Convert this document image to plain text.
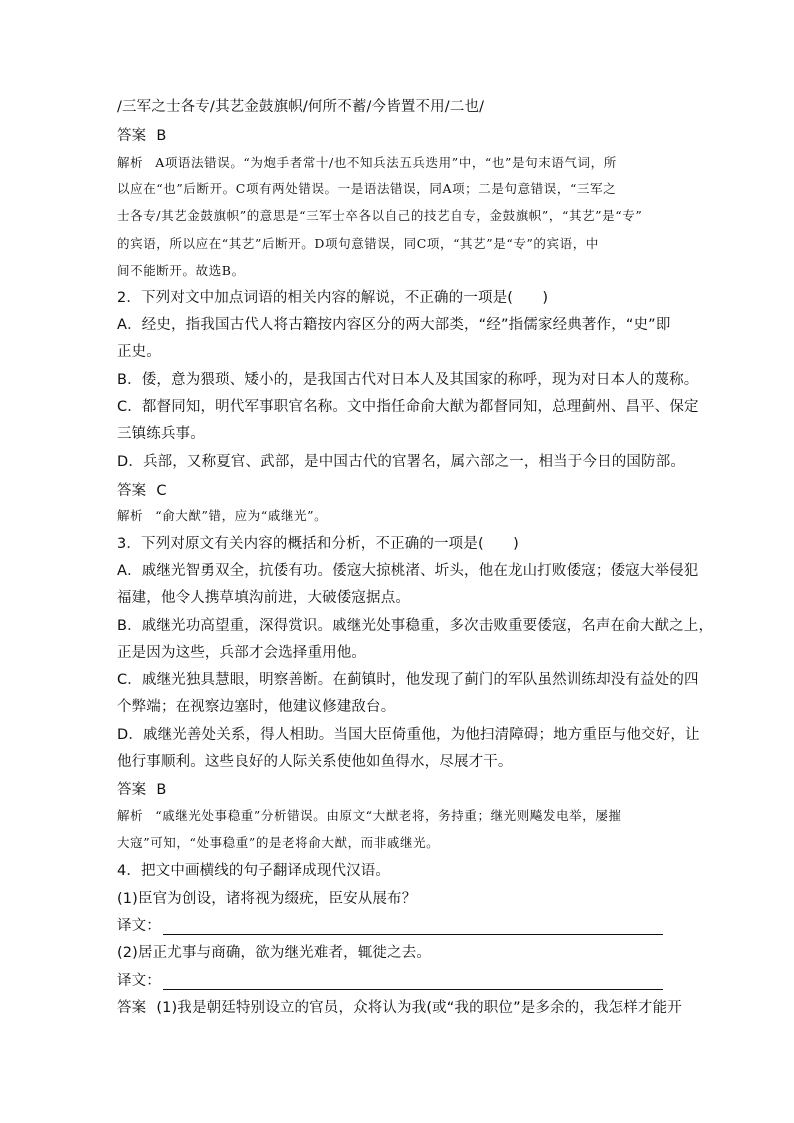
/三军之士各专/其艺金鼓旗帜/何所不蓄/今皆置不用/二也/
答案 B
解析 A项语法错误。“为炮手者常十/也不知兵法五兵迭用”中，“也”是句末语气词，所
以应在“也”后断开。C项有两处错误。一是语法错误，同A项；二是句意错误，“三军之
士各专/其艺金鼓旗帜”的意思是“三军士卒各以自己的技艺自专，金鼓旗帜”，“其艺”是“专”
的宾语，所以应在“其艺”后断开。D项句意错误，同C项，“其艺”是“专”的宾语，中
间不能断开。故选B。
2．下列对文中加点词语的相关内容的解说，不正确的一项是(　　)
A．经史，指我国古代人将古籍按内容区分的两大部类，“经”指儒家经典著作，“史”即
正史。
B．倭，意为猥琐、矮小的，是我国古代对日本人及其国家的称呼，现为对日本人的蔑称。
C．都督同知，明代军事职官名称。文中指任命俞大猷为都督同知，总理蓟州、昌平、保定
三镇练兵事。
D．兵部，又称夏官、武部，是中国古代的官署名，属六部之一，相当于今日的国防部。
答案 C
解析 “俞大猷”错，应为“戚继光”。
3．下列对原文有关内容的概括和分析，不正确的一项是(　　)
A．戚继光智勇双全，抗倭有功。倭寇大掠桃渚、圻头，他在龙山打败倭寇；倭寇大举侵犯
福建，他令人携草填沟前进，大破倭寇据点。
B．戚继光功高望重，深得赏识。戚继光处事稳重，多次击败重要倭寇，名声在俞大猷之上，
正是因为这些，兵部才会选择重用他。
C．戚继光独具慧眼，明察善断。在蓟镇时，他发现了蓟门的军队虽然训练却没有益处的四
个弊端；在视察边塞时，他建议修建敌台。
D．戚继光善处关系，得人相助。当国大臣倚重他，为他扫清障碍；地方重臣与他交好，让
他行事顺利。这些良好的人际关系使他如鱼得水，尽展才干。
答案 B
解析 “戚继光处事稳重”分析错误。由原文“大猷老将，务持重；继光则飚发电举，屡摧
大寇”可知，“处事稳重”的是老将俞大猷，而非戚继光。
4．把文中画横线的句子翻译成现代汉语。
(1)臣官为创设，诸将视为缀疣，臣安从展布？
译文：
(2)居正尤事与商确，欲为继光难者，辄徙之去。
译文：
答案 (1)我是朝廷特别设立的官员，众将认为我(或“我的职位”是多余的，我怎样才能开
